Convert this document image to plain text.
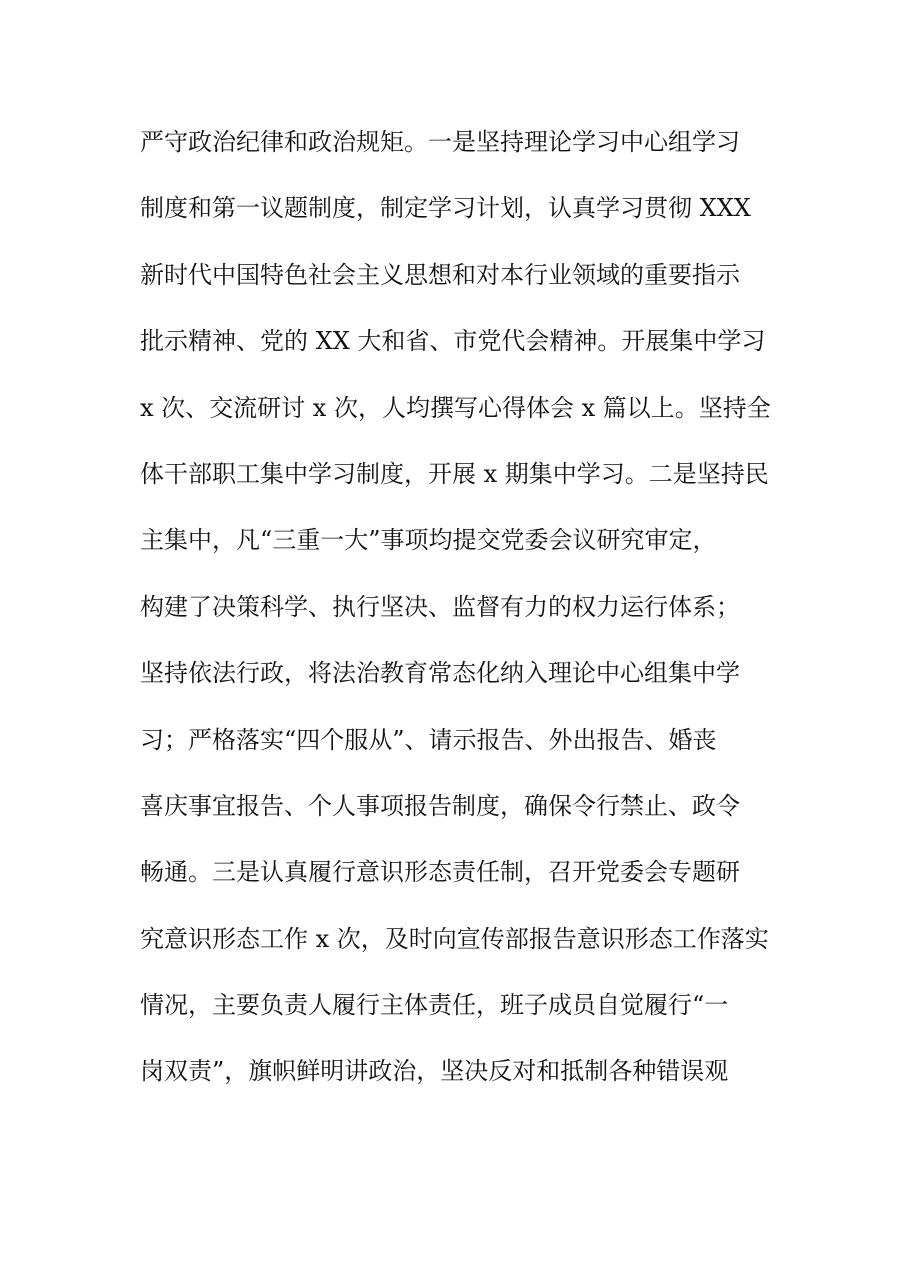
严守政治纪律和政治规矩。一是坚持理论学习中心组学习
制度和第一议题制度，制定学习计划，认真学习贯彻 XXX
新时代中国特色社会主义思想和对本行业领域的重要指示
批示精神、党的 XX 大和省、市党代会精神。开展集中学习
x 次、交流研讨 x 次，人均撰写心得体会 x 篇以上。坚持全
体干部职工集中学习制度，开展 x 期集中学习。二是坚持民
主集中，凡“三重一大”事项均提交党委会议研究审定，
构建了决策科学、执行坚决、监督有力的权力运行体系；
坚持依法行政，将法治教育常态化纳入理论中心组集中学
习；严格落实“四个服从”、请示报告、外出报告、婚丧
喜庆事宜报告、个人事项报告制度，确保令行禁止、政令
畅通。三是认真履行意识形态责任制，召开党委会专题研
究意识形态工作 x 次，及时向宣传部报告意识形态工作落实
情况，主要负责人履行主体责任，班子成员自觉履行“一
岗双责”，旗帜鲜明讲政治，坚决反对和抵制各种错误观
